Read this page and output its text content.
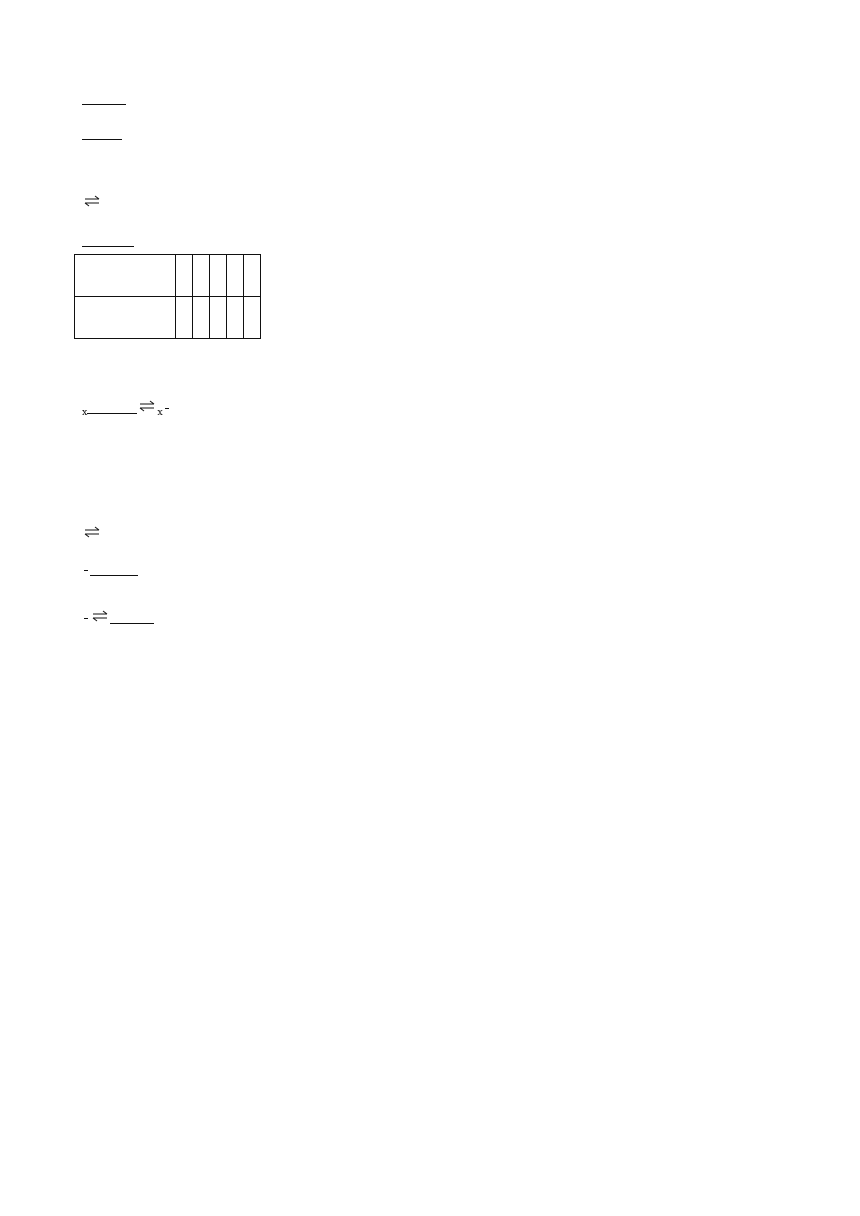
$_x$	⇌ $_x$
